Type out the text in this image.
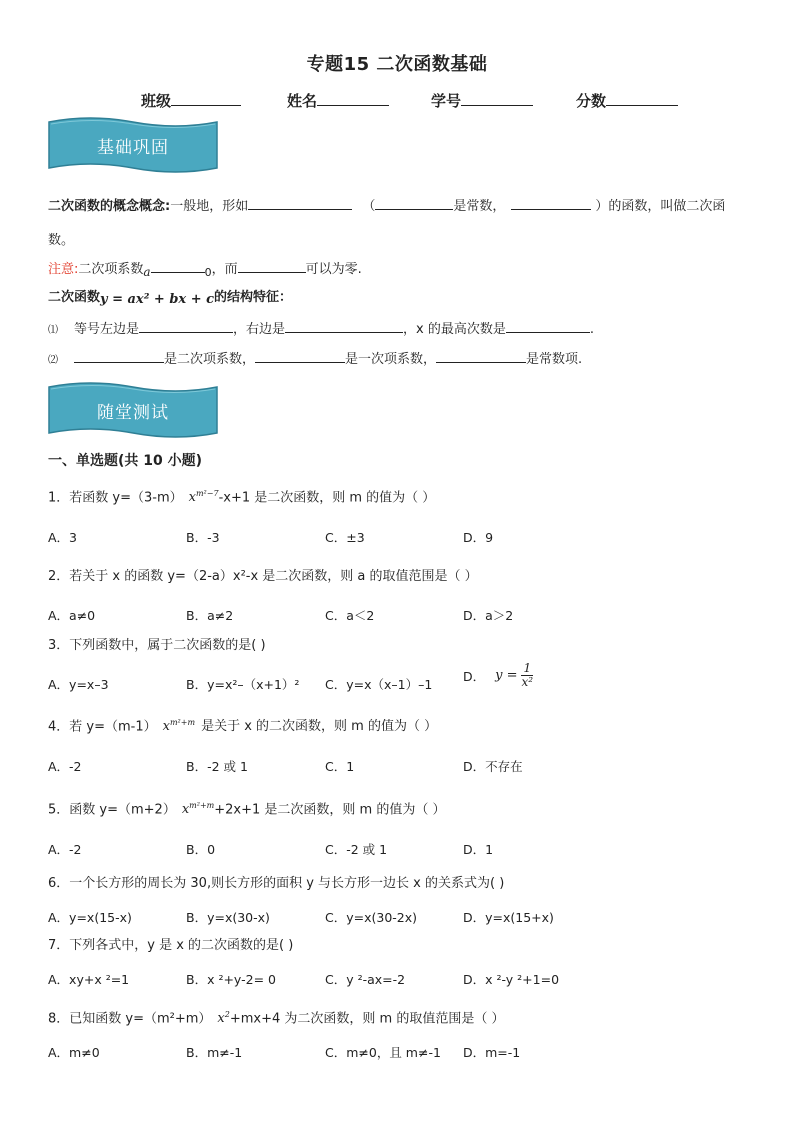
专题15 二次函数基础
班级	姓名	学号	分数
基础巩固
二次函数的概念概念:一般地，形如	（	是常数，	）的函数，叫做二次函
数。
注意:二次项系数a	$_0$，而	可以为零.
二次函数y = ax² + bx + c的结构特征：
⑴ 等号左边是	，右边是	，x 的最高次数是	.
⑵	是二次项系数，	是一次项系数，	是常数项.
随堂测试
一、单选题(共 10 小题)
1．若函数 y=（3-m） $x^{m^2-7}-x+1$ 是二次函数，则 m 的值为（ ）
A．3	B．-3	C．±3	D．9
2．若关于 x 的函数 y=（2-a）x²-x 是二次函数，则 a 的取值范围是（ ）
A．a≠0	B．a≠2	C．a＜2	D．a＞2
3．下列函数中，属于二次函数的是( )
A．y=x–3	B．y=x²–（x+1）² C．y=x（x–1）–1
D． $y = \frac{1}{\text{x²}}$
4．若 y=（m-1） $x^{m^2+m}$ 是关于 x 的二次函数，则 m 的值为（ ）
A．-2	B．-2 或 1	C．1	D．不存在
5．函数 y=（m+2） $x^{m^2+m}+2x+1$ 是二次函数，则 m 的值为（ ）
A．-2	B．0	C．-2 或 1	D．1
6．一个长方形的周长为 30,则长方形的面积 y 与长方形一边长 x 的关系式为( )
A．y=x(15-x)	B．y=x(30-x)	C．y=x(30-2x)	D．y=x(15+x)
7．下列各式中，y 是 x 的二次函数的是( )
A．xy+x ²=1	B．x ²+y-2= 0	C．y ²-ax=-2	D．x ²-y ²+1=0
8．已知函数 y=（m²+m） $x^2+mx+4$ 为二次函数，则 m 的取值范围是（ ）
A．m≠0	B．m≠-1	C．m≠0，且 m≠-1 D．m=-1
